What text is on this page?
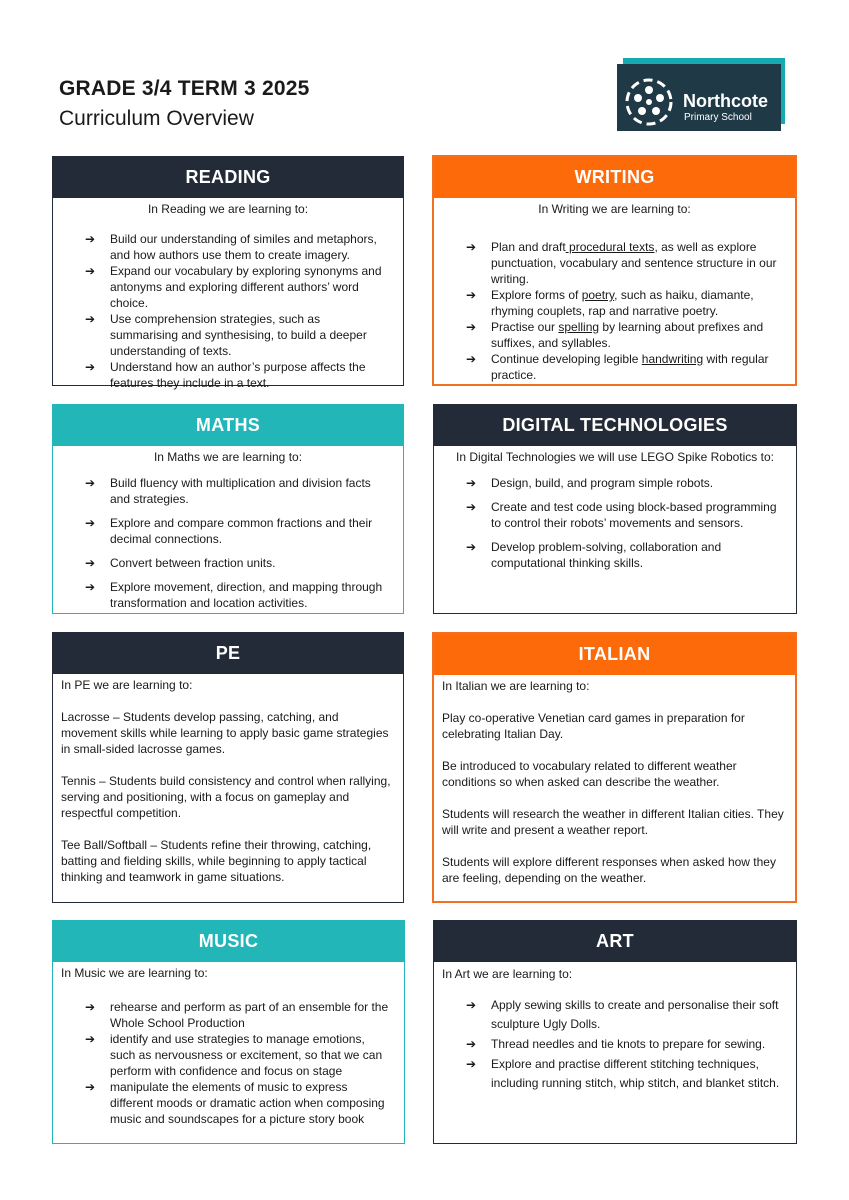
GRADE 3/4 TERM 3 2025
Curriculum Overview
Northcote
Primary School
READING
In Reading we are learning to:
➔ Build our understanding of similes and metaphors, and how authors use them to create imagery.
➔ Expand our vocabulary by exploring synonyms and antonyms and exploring different authors’ word choice.
➔ Use comprehension strategies, such as summarising and synthesising, to build a deeper understanding of texts.
➔ Understand how an author’s purpose affects the features they include in a text.
WRITING
In Writing we are learning to:
➔ Plan and draft procedural texts, as well as explore punctuation, vocabulary and sentence structure in our writing.
➔ Explore forms of poetry, such as haiku, diamante, rhyming couplets, rap and narrative poetry.
➔ Practise our spelling by learning about prefixes and suffixes, and syllables.
➔ Continue developing legible handwriting with regular practice.
MATHS
In Maths we are learning to:
➔ Build fluency with multiplication and division facts and strategies.
➔ Explore and compare common fractions and their decimal connections.
➔ Convert between fraction units.
➔ Explore movement, direction, and mapping through transformation and location activities.
DIGITAL TECHNOLOGIES
In Digital Technologies we will use LEGO Spike Robotics to:
➔ Design, build, and program simple robots.
➔ Create and test code using block-based programming to control their robots’ movements and sensors.
➔ Develop problem-solving, collaboration and computational thinking skills.
PE
In PE we are learning to:

Lacrosse – Students develop passing, catching, and movement skills while learning to apply basic game strategies in small-sided lacrosse games.

Tennis – Students build consistency and control when rallying, serving and positioning, with a focus on gameplay and respectful competition.

Tee Ball/Softball – Students refine their throwing, catching, batting and fielding skills, while beginning to apply tactical thinking and teamwork in game situations.

ITALIAN
In Italian we are learning to:

Play co-operative Venetian card games in preparation for celebrating Italian Day.

Be introduced to vocabulary related to different weather conditions so when asked can describe the weather.

Students will research the weather in different Italian cities. They will write and present a weather report.

Students will explore different responses when asked how they are feeling, depending on the weather.

MUSIC
In Music we are learning to:
➔ rehearse and perform as part of an ensemble for the Whole School Production
➔ identify and use strategies to manage emotions, such as nervousness or excitement, so that we can perform with confidence and focus on stage
➔ manipulate the elements of music to express different moods or dramatic action when composing music and soundscapes for a picture story book
ART
In Art we are learning to:
➔ Apply sewing skills to create and personalise their soft sculpture Ugly Dolls.
➔ Thread needles and tie knots to prepare for sewing.
➔ Explore and practise different stitching techniques, including running stitch, whip stitch, and blanket stitch.
